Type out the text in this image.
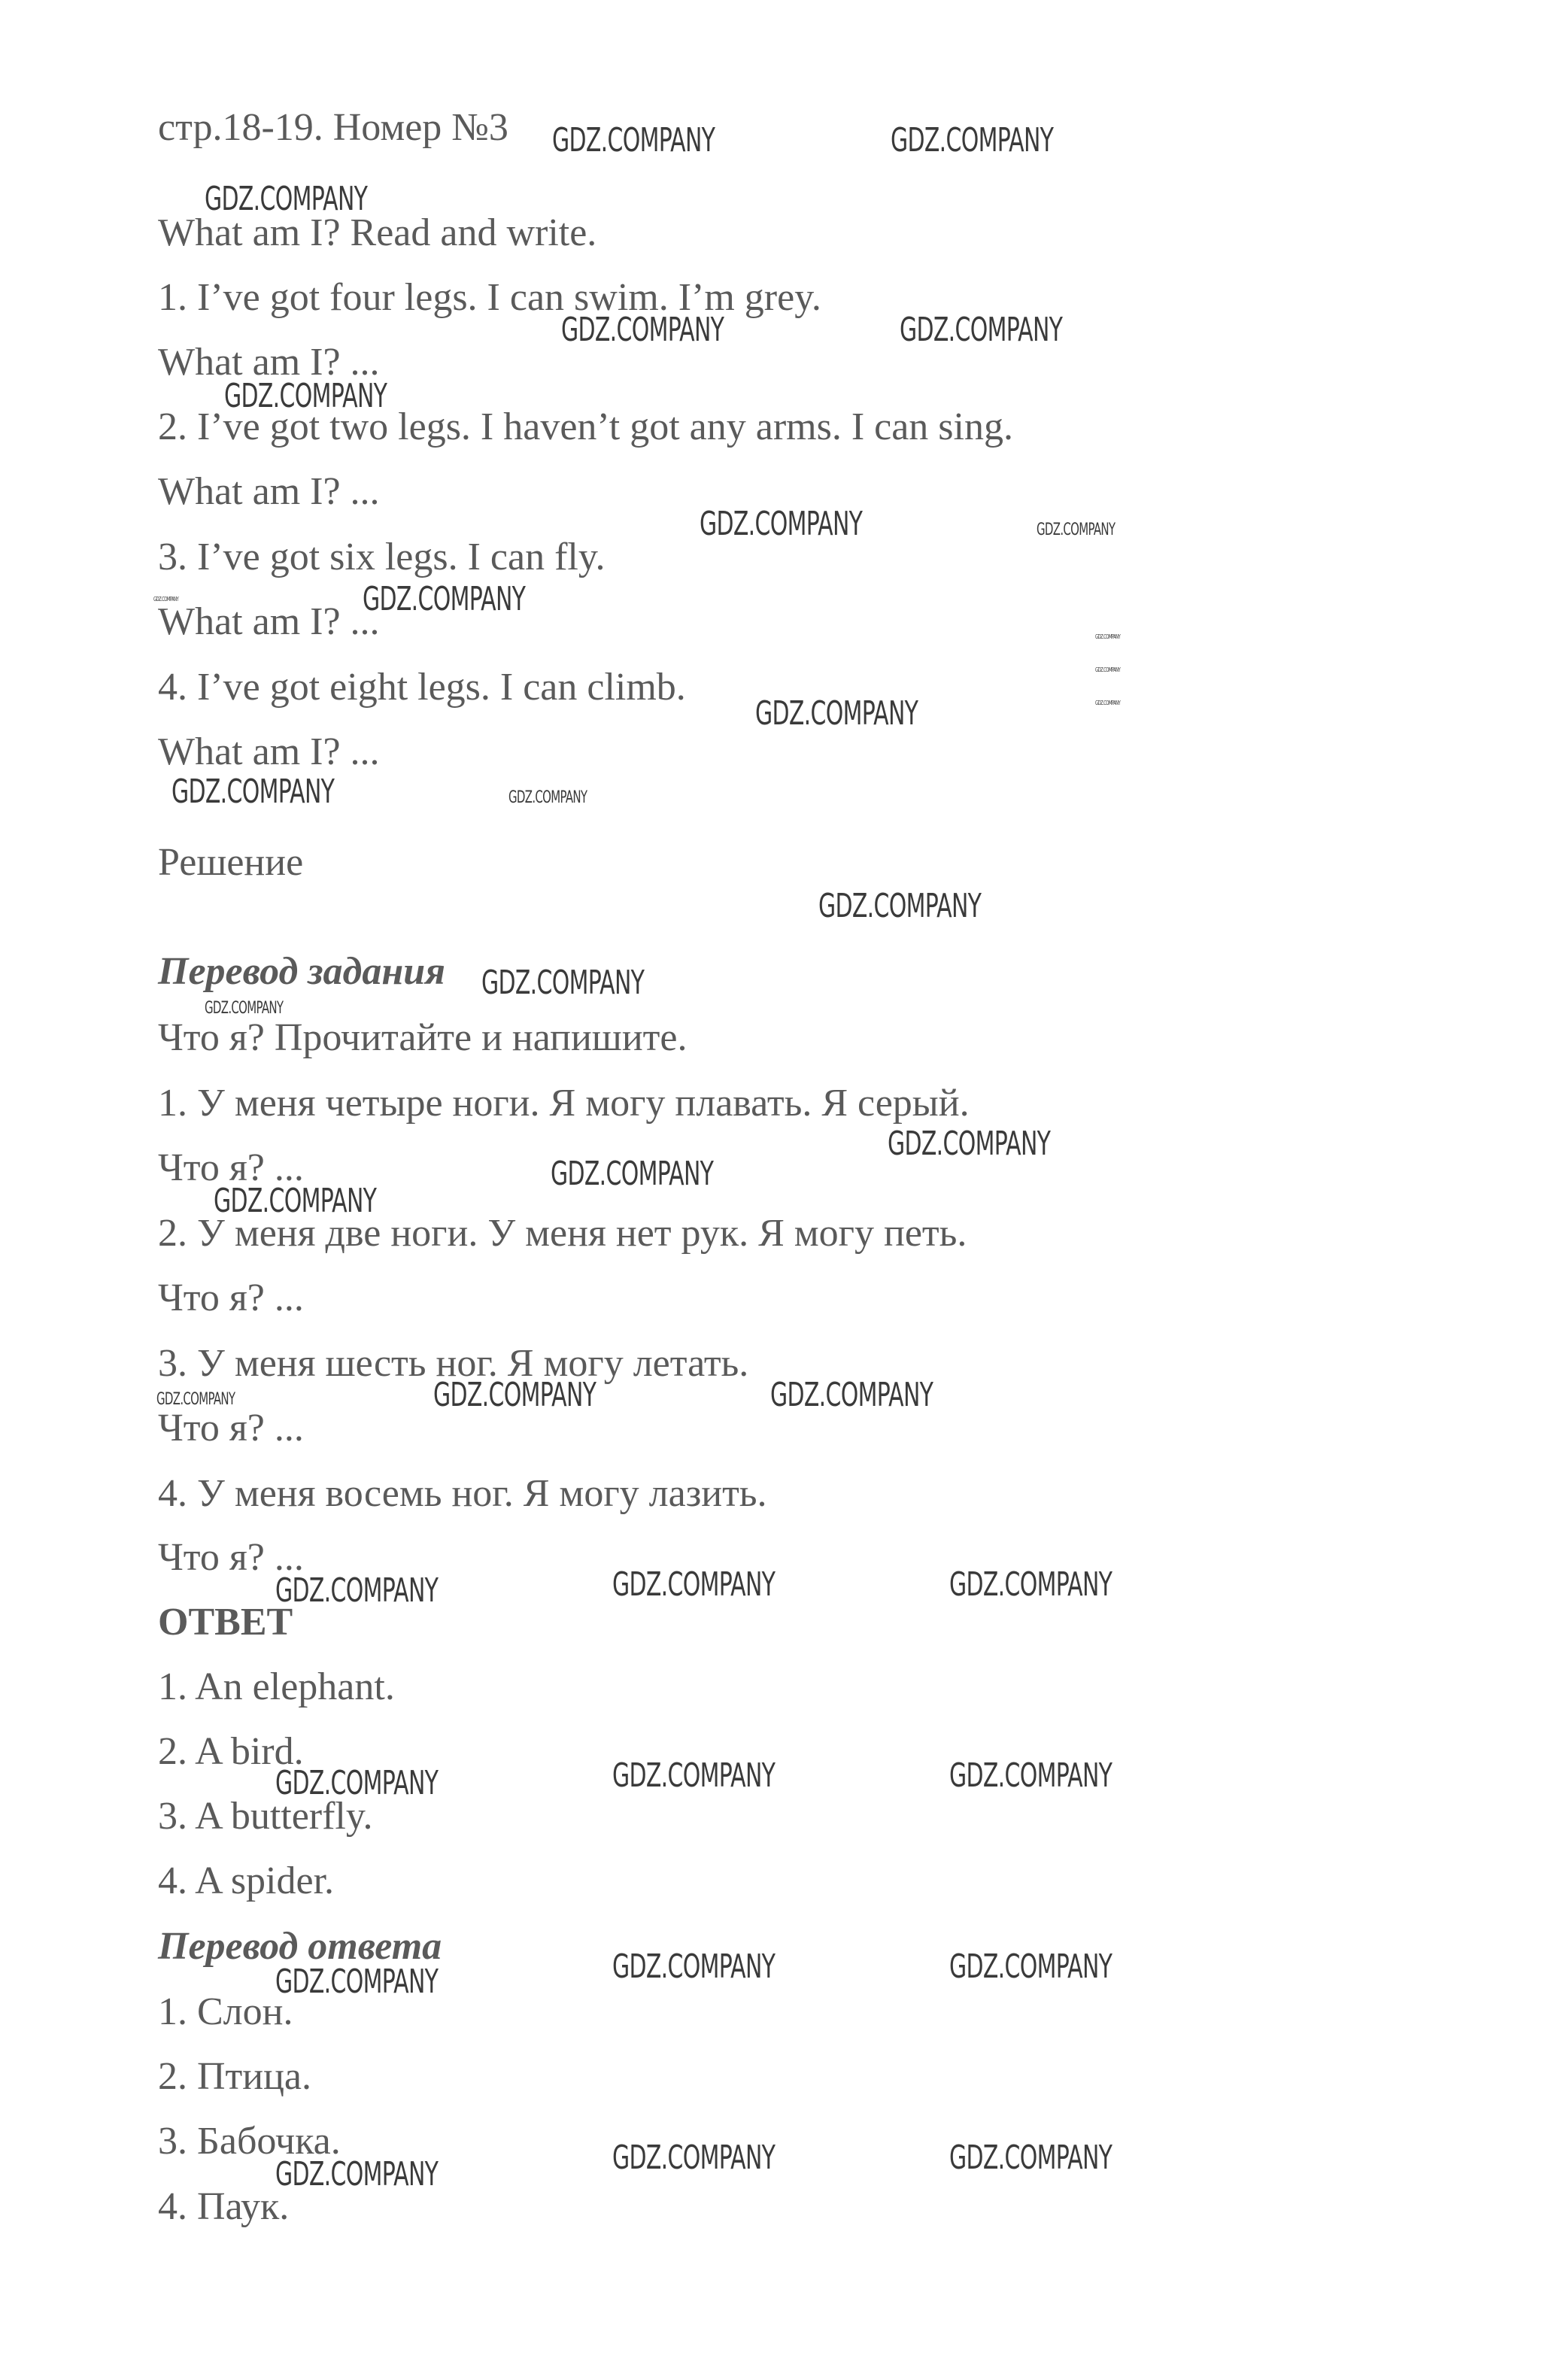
стр.18-19. Номер №3
What am I? Read and write.
1. I’ve got four legs. I can swim. I’m grey.
What am I? ...
2. I’ve got two legs. I haven’t got any arms. I can sing.
What am I? ...
3. I’ve got six legs. I can fly.
What am I? ...
4. I’ve got eight legs. I can climb.
What am I? ...
Решение
Перевод задания
Что я? Прочитайте и напишите.
1. У меня четыре ноги. Я могу плавать. Я серый.
Что я? ...
2. У меня две ноги. У меня нет рук. Я могу петь.
Что я? ...
3. У меня шесть ног. Я могу летать.
Что я? ...
4. У меня восемь ног. Я могу лазить.
Что я? ...
ОТВЕТ
1. An elephant.
2. A bird.
3. A butterfly.
4. A spider.
Перевод ответа
1. Слон.
2. Птица.
3. Бабочка.
4. Паук.
GDZ.COMPANY	GDZ.COMPANY
GDZ.COMPANY
GDZ.COMPANY	GDZ.COMPANY
GDZ.COMPANY
GDZ.COMPANY	GDZ.COMPANY
GDZ.COMPANY	GDZ.COMPANY
GDZ.COMPANY
GDZ.COMPANY
GDZ.COMPANY
GDZ.COMPANY
GDZ.COMPANY	GDZ.COMPANY
GDZ.COMPANY
GDZ.COMPANY
GDZ.COMPANY
GDZ.COMPANY
GDZ.COMPANY
GDZ.COMPANY
GDZ.COMPANY	GDZ.COMPANY	GDZ.COMPANY
GDZ.COMPANY	GDZ.COMPANY	GDZ.COMPANY
GDZ.COMPANY	GDZ.COMPANY	GDZ.COMPANY
GDZ.COMPANY	GDZ.COMPANY	GDZ.COMPANY
GDZ.COMPANY	GDZ.COMPANY	GDZ.COMPANY
